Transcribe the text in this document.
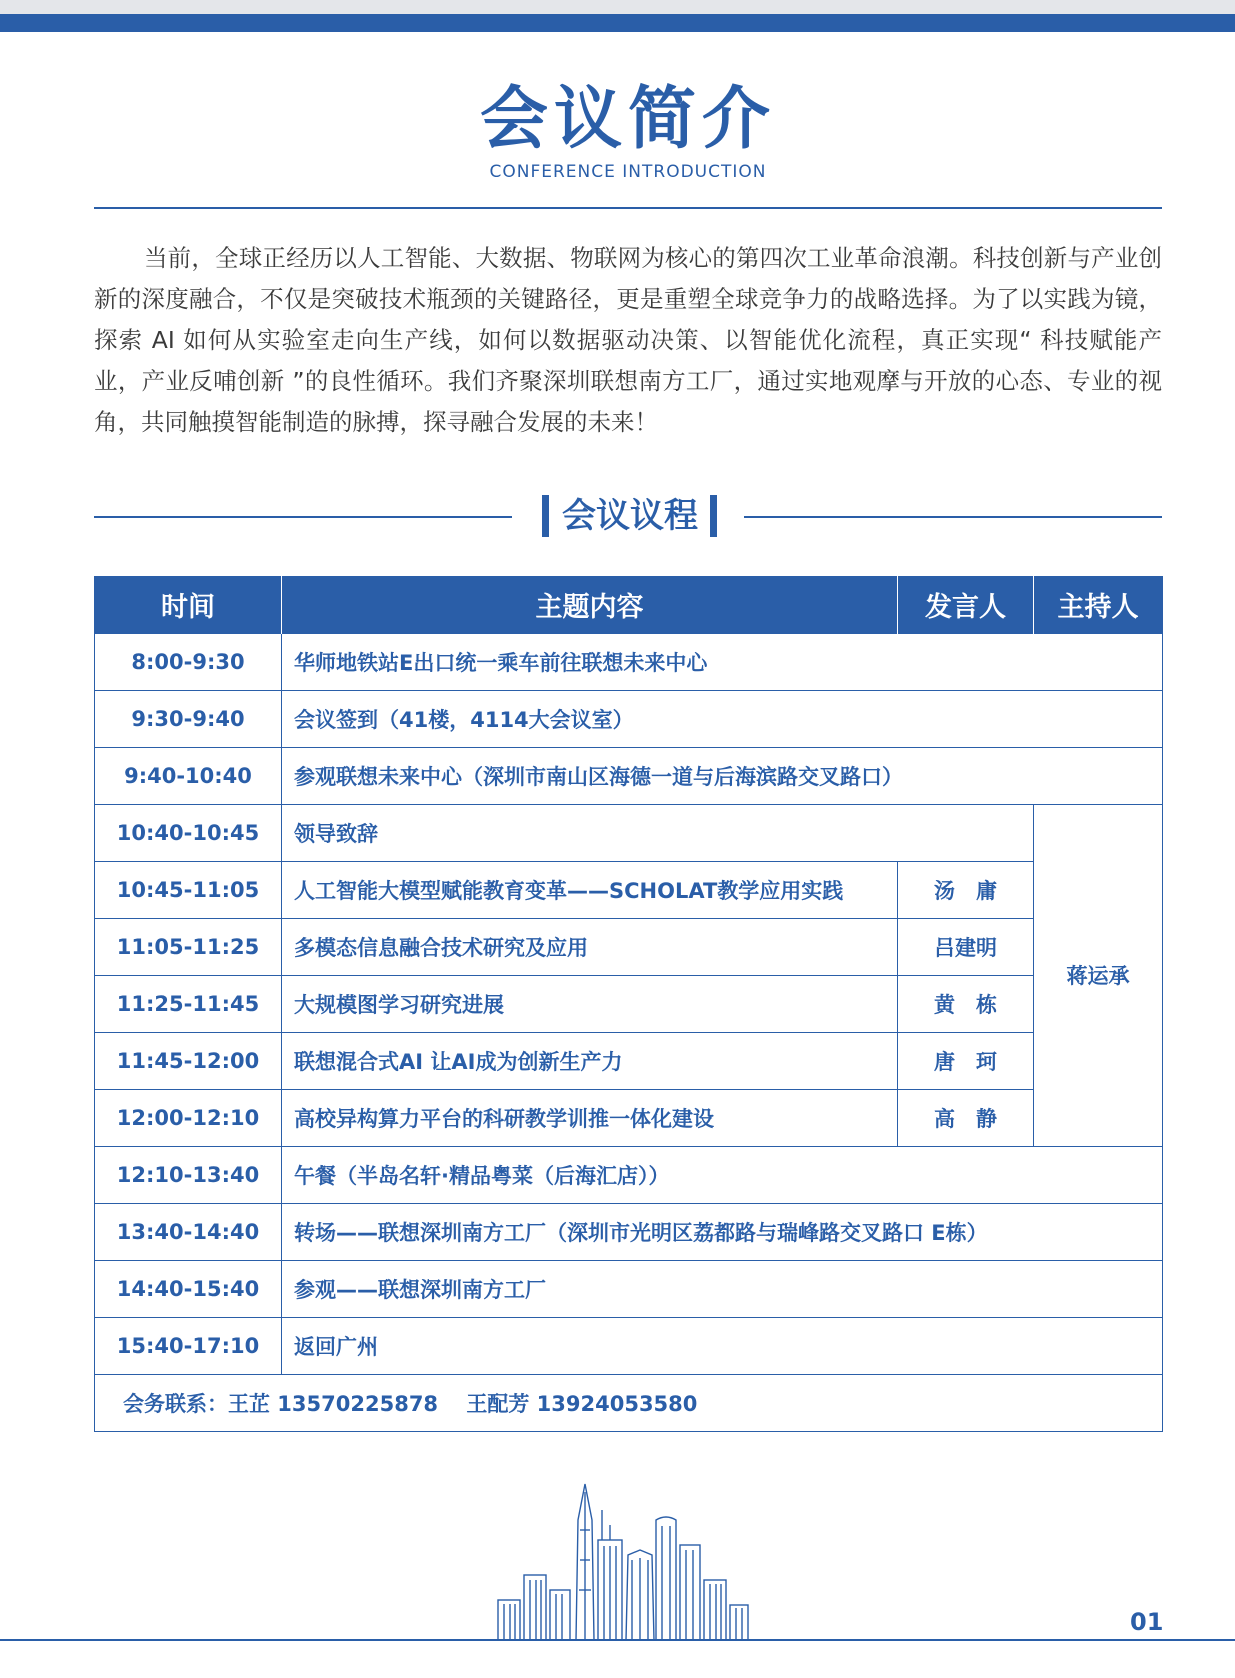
会议简介
CONFERENCE INTRODUCTION

当前，全球正经历以人工智能、大数据、物联网为核心的第四次工业革命浪潮。科技创新与产业创新的深度融合，不仅是突破技术瓶颈的关键路径，更是重塑全球竞争力的战略选择。为了以实践为镜，探索 AI 如何从实验室走向生产线，如何以数据驱动决策、以智能优化流程，真正实现“ 科技赋能产业，产业反哺创新 ”的良性循环。我们齐聚深圳联想南方工厂，通过实地观摩与开放的心态、专业的视角，共同触摸智能制造的脉搏，探寻融合发展的未来！

会议议程
时间	主题内容	发言人	主持人
8:00-9:30	华师地铁站E出口统一乘车前往联想未来中心		
9:30-9:40	会议签到（41楼，4114大会议室）		
9:40-10:40	参观联想未来中心（深圳市南山区海德一道与后海滨路交叉路口）		
10:40-10:45	领导致辞		蒋运承
10:45-11:05	人工智能大模型赋能教育变革——SCHOLAT教学应用实践	汤　庸	
11:05-11:25	多模态信息融合技术研究及应用	吕建明	
11:25-11:45	大规模图学习研究进展	黄　栋	
11:45-12:00	联想混合式AI 让AI成为创新生产力	唐　珂	
12:00-12:10	高校异构算力平台的科研教学训推一体化建设	高　静	
12:10-13:40	午餐（半岛名轩·精品粤菜（后海汇店））		
13:40-14:40	转场——联想深圳南方工厂（深圳市光明区荔都路与瑞峰路交叉路口 E栋）		
14:40-15:40	参观——联想深圳南方工厂		
15:40-17:10	返回广州		
会务联系：王芷 13570225878　 王配芳 13924053580			
01
